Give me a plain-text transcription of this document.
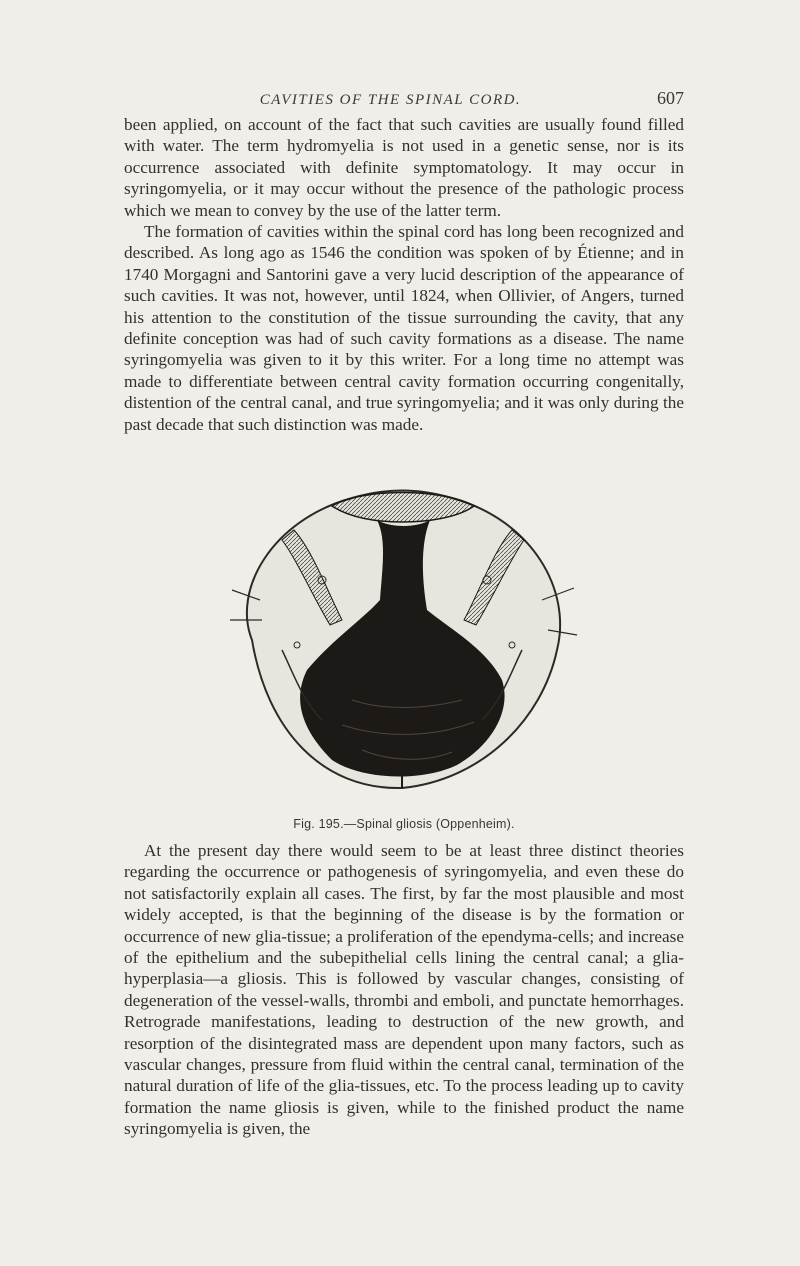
CAVITIES OF THE SPINAL CORD.	607

been applied, on account of the fact that such cavities are usually found filled with water. The term hydromyelia is not used in a genetic sense, nor is its occurrence associated with definite symptomatology. It may occur in syringomyelia, or it may occur without the presence of the pathologic process which we mean to convey by the use of the latter term.

The formation of cavities within the spinal cord has long been recognized and described. As long ago as 1546 the condition was spoken of by Étienne; and in 1740 Morgagni and Santorini gave a very lucid description of the appearance of such cavities. It was not, however, until 1824, when Ollivier, of Angers, turned his attention to the constitution of the tissue surrounding the cavity, that any definite conception was had of such cavity formations as a disease. The name syringomyelia was given to it by this writer. For a long time no attempt was made to differentiate between central cavity formation occurring congenitally, distention of the central canal, and true syringomyelia; and it was only during the past decade that such distinction was made.

Fig. 195.—Spinal gliosis (Oppenheim).

At the present day there would seem to be at least three distinct theories regarding the occurrence or pathogenesis of syringomyelia, and even these do not satisfactorily explain all cases. The first, by far the most plausible and most widely accepted, is that the beginning of the disease is by the formation or occurrence of new glia-tissue; a proliferation of the ependyma-cells; and increase of the epithelium and the subepithelial cells lining the central canal; a glia-hyperplasia—a gliosis. This is followed by vascular changes, consisting of degeneration of the vessel-walls, thrombi and emboli, and punctate hemorrhages. Retrograde manifestations, leading to destruction of the new growth, and resorption of the disintegrated mass are dependent upon many factors, such as vascular changes, pressure from fluid within the central canal, termination of the natural duration of life of the glia-tissues, etc. To the process leading up to cavity formation the name gliosis is given, while to the finished product the name syringomyelia is given, the
